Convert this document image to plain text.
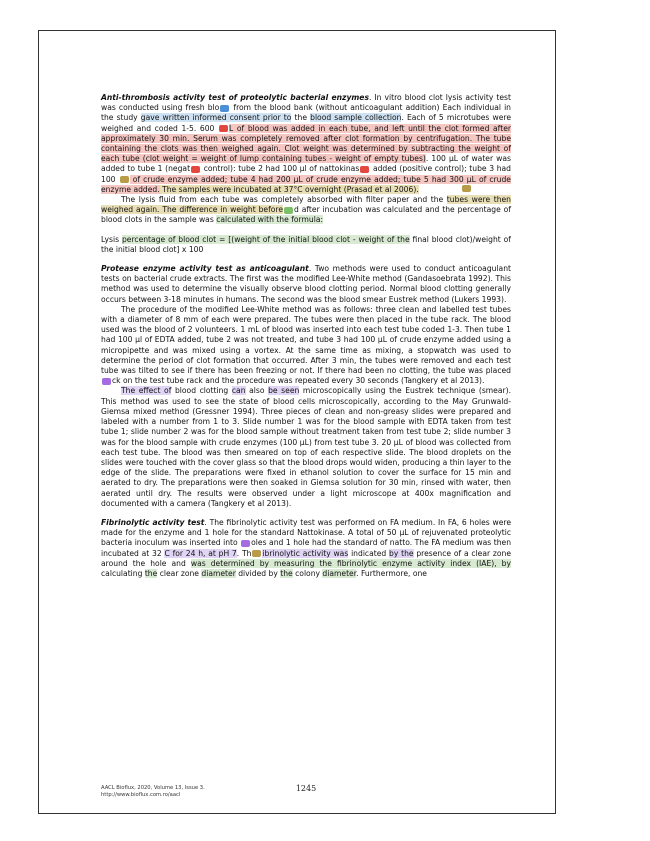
Anti-thrombosis activity test of proteolytic bacterial enzymes. In vitro blood clot lysis activity test was conducted using fresh blo from the blood bank (without anticoagulant addition) Each individual in the study gave written informed consent prior to the blood sample collection. Each of 5 microtubes were weighed and coded 1-5. 600 L of blood was added in each tube, and left until the clot formed after approximately 30 min. Serum was completely removed after clot formation by centrifugation. The tube containing the clots was then weighed again. Clot weight was determined by subtracting the weight of each tube (clot weight = weight of lump containing tubes - weight of empty tubes). 100 µL of water was added to tube 1 (negat control): tube 2 had 100 µl of nattokinas added (positive control); tube 3 had 100  of crude enzyme added; tube 4 had 200 µL of crude enzyme added; tube 5 had 300 µL of crude enzyme added. The samples were incubated at 37°C overnight (Prasad et al 2006).

The lysis fluid from each tube was completely absorbed with filter paper and the tubes were then weighed again. The difference in weight before d after incubation was calculated and the percentage of blood clots in the sample was calculated with the formula:

Lysis percentage of blood clot = [(weight of the initial blood clot - weight of the final blood clot)/weight of the initial blood clot] x 100

Protease enzyme activity test as anticoagulant. Two methods were used to conduct anticoagulant tests on bacterial crude extracts. The first was the modified Lee-White method (Gandasoebrata 1992). This method was used to determine the visually observe blood clotting period. Normal blood clotting generally occurs between 3-18 minutes in humans. The second was the blood smear Eustrek method (Lukers 1993).

The procedure of the modified Lee-White method was as follows: three clean and labelled test tubes with a diameter of 8 mm of each were prepared. The tubes were then placed in the tube rack. The blood used was the blood of 2 volunteers. 1 mL of blood was inserted into each test tube coded 1-3. Then tube 1 had 100 µl of EDTA added, tube 2 was not treated, and tube 3 had 100 µL of crude enzyme added using a micropipette and was mixed using a vortex. At the same time as mixing, a stopwatch was used to determine the period of clot formation that occurred. After 3 min, the tubes were removed and each test tube was tilted to see if there has been freezing or not. If there had been no clotting, the tube was placed ck on the test tube rack and the procedure was repeated every 30 seconds (Tangkery et al 2013).

The effect of blood clotting can also be seen microscopically using the Eustrek technique (smear). This method was used to see the state of blood cells microscopically, according to the May Grunwald-Giemsa mixed method (Gressner 1994). Three pieces of clean and non-greasy slides were prepared and labeled with a number from 1 to 3. Slide number 1 was for the blood sample with EDTA taken from test tube 1; slide number 2 was for the blood sample without treatment taken from test tube 2; slide number 3 was for the blood sample with crude enzymes (100 µL) from test tube 3. 20 µL of blood was collected from each test tube. The blood was then smeared on top of each respective slide. The blood droplets on the slides were touched with the cover glass so that the blood drops would widen, producing a thin layer to the edge of the slide. The preparations were fixed in ethanol solution to cover the surface for 15 min and aerated to dry. The preparations were then soaked in Giemsa solution for 30 min, rinsed with water, then aerated until dry. The results were observed under a light microscope at 400x magnification and documented with a camera (Tangkery et al 2013).

Fibrinolytic activity test. The fibrinolytic activity test was performed on FA medium. In FA, 6 holes were made for the enzyme and 1 hole for the standard Nattokinase. A total of 50 µL of rejuvenated proteolytic bacteria inoculum was inserted into oles and 1 hole had the standard of natto. The FA medium was then incubated at 32 C for 24 h, at pH 7. Th ibrinolytic activity was indicated by the presence of a clear zone around the hole and was determined by measuring the fibrinolytic enzyme activity index (IAE), by calculating the clear zone diameter divided by the colony diameter. Furthermore, one

AACL Bioflux, 2020, Volume 13, Issue 3.
http://www.bioflux.com.ro/aacl
1245
